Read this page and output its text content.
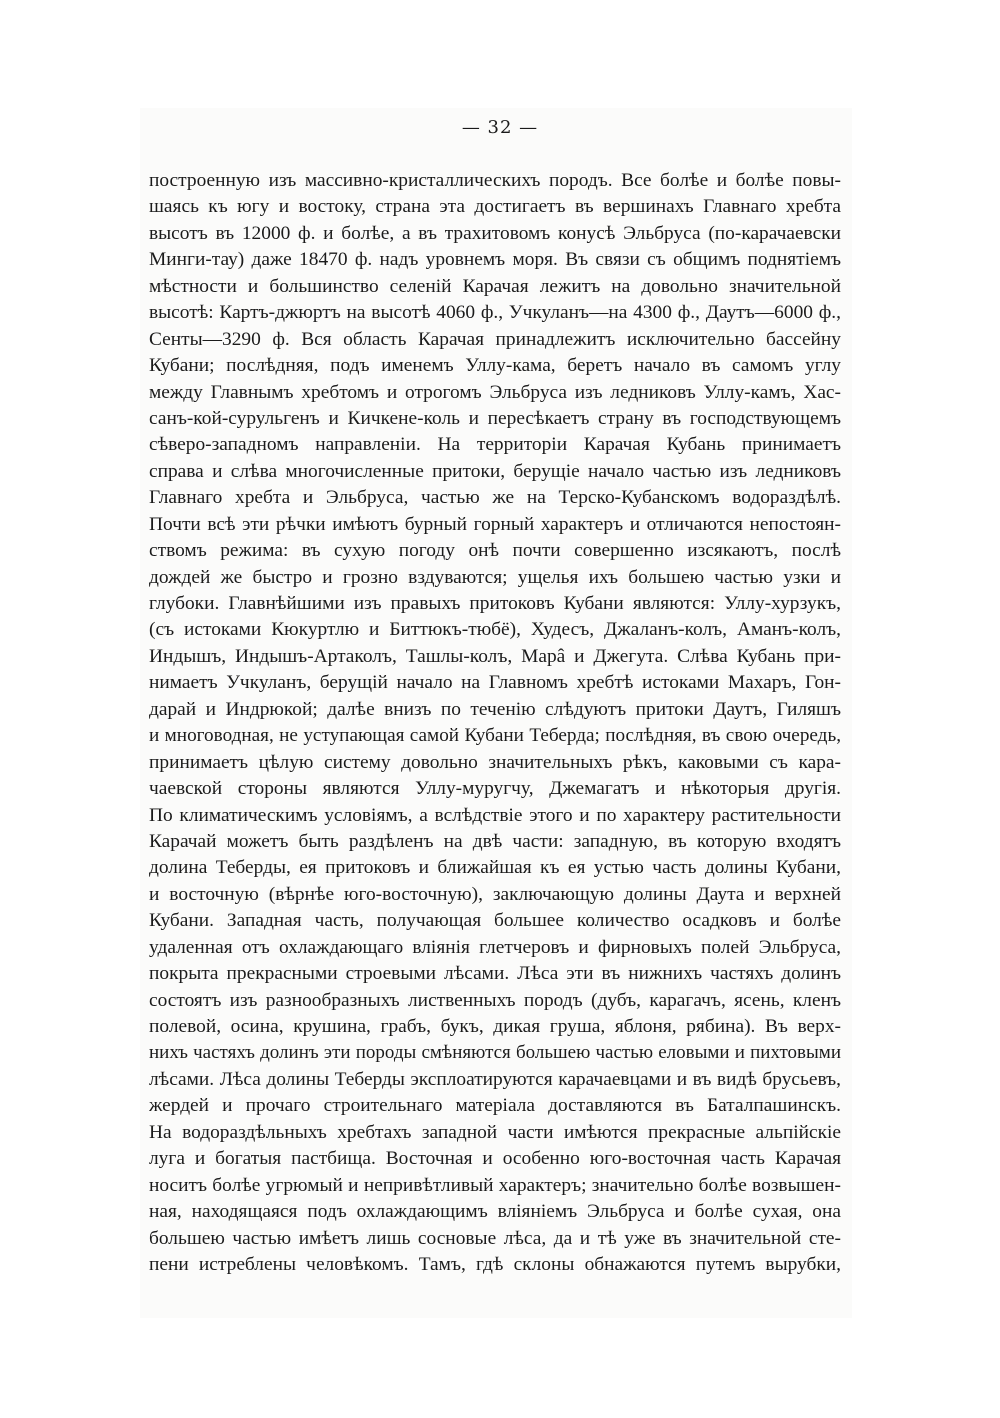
— 32 —
построенную изъ массивно-кристаллическихъ породъ. Все болѣе и болѣе повы-
шаясь къ югу и востоку, страна эта достигаетъ въ вершинахъ Главнаго хребта
высотъ въ 12000 ф. и болѣе, а въ трахитовомъ конусѣ Эльбруса (по-карачаевски
Минги-тау) даже 18470 ф. надъ уровнемъ моря. Въ связи съ общимъ поднятіемъ
мѣстности и большинство селеній Карачая лежитъ на довольно значительной
высотѣ: Картъ-джюртъ на высотѣ 4060 ф., Учкуланъ—на 4300 ф., Даутъ—6000 ф.,
Сенты—3290 ф. Вся область Карачая принадлежитъ исключительно бассейну
Кубани; послѣдняя, подъ именемъ Уллу-кама, беретъ начало въ самомъ углу
между Главнымъ хребтомъ и отрогомъ Эльбруса изъ ледниковъ Уллу-камъ, Хас-
санъ-кой-сурульгенъ и Кичкене-коль и пересѣкаетъ страну въ господствующемъ
сѣверо-западномъ направленіи. На территоріи Карачая Кубань принимаетъ
справа и слѣва многочисленные притоки, берущіе начало частью изъ ледниковъ
Главнаго хребта и Эльбруса, частью же на Терско-Кубанскомъ водораздѣлѣ.
Почти всѣ эти рѣчки имѣютъ бурный горный характеръ и отличаются непостоян-
ствомъ режима: въ сухую погоду онѣ почти совершенно изсякаютъ, послѣ
дождей же быстро и грозно вздуваются; ущелья ихъ большею частью узки и
глубоки. Главнѣйшими изъ правыхъ притоковъ Кубани являются: Уллу-хурзукъ,
(съ истоками Кюкуртлю и Биттюкъ-тюбё), Худесъ, Джаланъ-колъ, Аманъ-колъ,
Индышъ, Индышъ-Артаколъ, Ташлы-колъ, Марâ и Джегута. Слѣва Кубань при-
нимаетъ Учкуланъ, берущій начало на Главномъ хребтѣ истоками Махаръ, Гон-
дарай и Индрюкой; далѣе внизъ по теченію слѣдуютъ притоки Даутъ, Гиляшъ
и многоводная, не уступающая самой Кубани Теберда; послѣдняя, въ свою очередь,
принимаетъ цѣлую систему довольно значительныхъ рѣкъ, каковыми съ кара-
чаевской стороны являются Уллу-муругчу, Джемагатъ и нѣкоторыя другія.
По климатическимъ условіямъ, а вслѣдствіе этого и по характеру растительности
Карачай можетъ быть раздѣленъ на двѣ части: западную, въ которую входятъ
долина Теберды, ея притоковъ и ближайшая къ ея устью часть долины Кубани,
и восточную (вѣрнѣе юго-восточную), заключающую долины Даута и верхней
Кубани. Западная часть, получающая большее количество осадковъ и болѣе
удаленная отъ охлаждающаго вліянія глетчеровъ и фирновыхъ полей Эльбруса,
покрыта прекрасными строевыми лѣсами. Лѣса эти въ нижнихъ частяхъ долинъ
состоятъ изъ разнообразныхъ лиственныхъ породъ (дубъ, карагачъ, ясень, кленъ
полевой, осина, крушина, грабъ, букъ, дикая груша, яблоня, рябина). Въ верх-
нихъ частяхъ долинъ эти породы смѣняются большею частью еловыми и пихтовыми
лѣсами. Лѣса долины Теберды эксплоатируются карачаевцами и въ видѣ брусьевъ,
жердей и прочаго строительнаго матеріала доставляются въ Баталпашинскъ.
На водораздѣльныхъ хребтахъ западной части имѣются прекрасные альпійскіе
луга и богатыя пастбища. Восточная и особенно юго-восточная часть Карачая
носитъ болѣе угрюмый и непривѣтливый характеръ; значительно болѣе возвышен-
ная, находящаяся подъ охлаждающимъ вліяніемъ Эльбруса и болѣе сухая, она
большею частью имѣетъ лишь сосновые лѣса, да и тѣ уже въ значительной сте-
пени истреблены человѣкомъ. Тамъ, гдѣ склоны обнажаются путемъ вырубки,
